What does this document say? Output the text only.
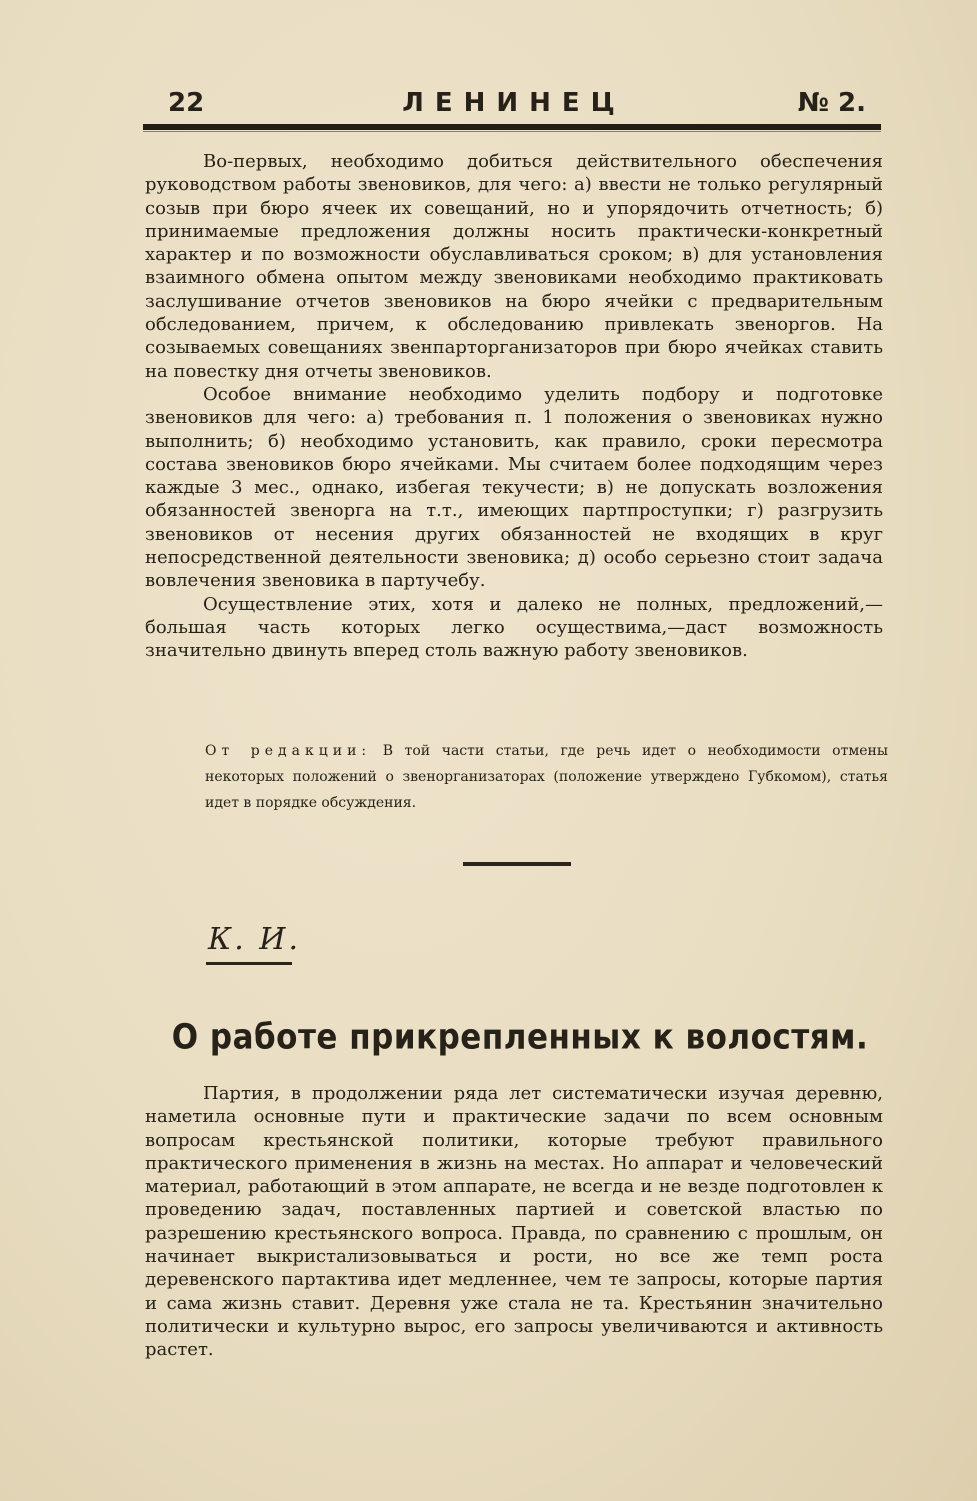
22	ЛЕНИНЕЦ	№ 2.

Во-первых, необходимо добиться действительного обеспечения руководством работы звеновиков, для чего: а) ввести не только регулярный созыв при бюро ячеек их совещаний, но и упорядочить отчетность; б) принимаемые предложения должны носить практически-конкретный характер и по возможности обуславливаться сроком; в) для установления взаимного обмена опытом между звеновиками необходимо практиковать заслушивание отчетов звеновиков на бюро ячейки с предварительным обследованием, причем, к обследованию привлекать звеноргов. На созываемых совещаниях звенпарторганизаторов при бюро ячейках ставить на повестку дня отчеты звеновиков.

Особое внимание необходимо уделить подбору и подготовке звеновиков для чего: а) требования п. 1 положения о звеновиках нужно выполнить; б) необходимо установить, как правило, сроки пересмотра состава звеновиков бюро ячейками. Мы считаем более подходящим через каждые 3 мес., однако, избегая текучести; в) не допускать возложения обязанностей звенорга на т.т., имеющих партпроступки; г) разгрузить звеновиков от несения других обязанностей не входящих в круг непосредственной деятельности звеновика; д) особо серьезно стоит задача вовлечения звеновика в партучебу.

Осуществление этих, хотя и далеко не полных, предложений,—большая часть которых легко осуществима,—даст возможность значительно двинуть вперед столь важную работу звеновиков.

От редакции: В той части статьи, где речь идет о необходимости отмены некоторых положений о звенорганизаторах (положение утверждено Губкомом), статья идет в порядке обсуждения.
К. И.
О работе прикрепленных к волостям.

Партия, в продолжении ряда лет систематически изучая деревню, наметила основные пути и практические задачи по всем основным вопросам крестьянской политики, которые требуют правильного практического применения в жизнь на местах. Но аппарат и человеческий материал, работающий в этом аппарате, не всегда и не везде подготовлен к проведению задач, поставленных партией и советской властью по разрешению крестьянского вопроса. Правда, по сравнению с прошлым, он начинает выкристализовываться и рости, но все же темп роста деревенского партактива идет медленнее, чем те запросы, которые партия и сама жизнь ставит. Деревня уже стала не та. Крестьянин значительно политически и культурно вырос, его запросы увеличиваются и активность растет.
